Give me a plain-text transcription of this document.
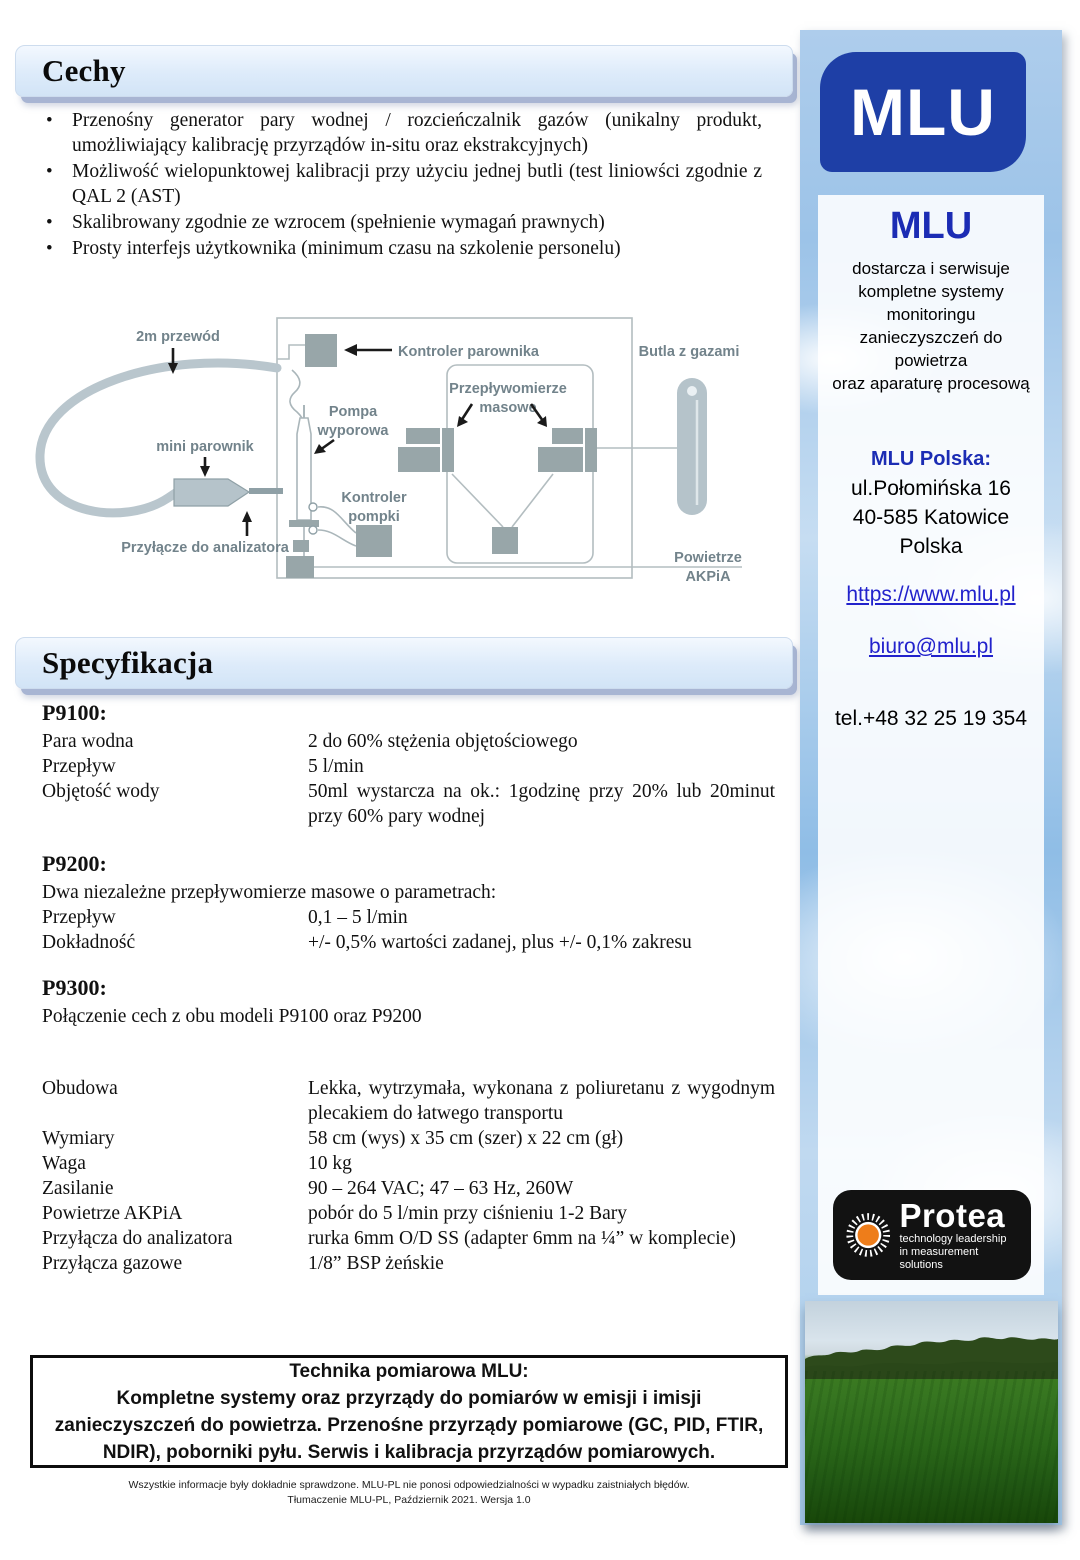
Cechy
• Przenośny generator pary wodnej / rozcieńczalnik gazów (unikalny produkt, umożliwiający kalibrację przyrządów in-situ oraz ekstrakcyjnych)
• Możliwość wielopunktowej kalibracji przy użyciu jednej butli (test liniowści zgodnie z QAL 2 (AST)
• Skalibrowany zgodnie ze wzrocem (spełnienie wymagań prawnych)
• Prosty interfejs użytkownika (minimum czasu na szkolenie personelu)
2m przewód
Kontroler parownika	Butla z gazami
Przepływomierze
masowe
Pompa
wyporowa
mini parownik
Przyłącze do analizatora
Kontroler
pompki
Powietrze
AKPiA
Specyfikacja
P9100:
Para wodna	2 do 60% stężenia objętościowego
Przepływ	5 l/min
Objętość wody	50ml wystarcza na ok.: 1godzinę przy 20% lub 20minut przy 60% pary wodnej
P9200:
Dwa niezależne przepływomierze masowe o parametrach:
Przepływ	0,1 – 5 l/min
Dokładność	+/- 0,5% wartości zadanej, plus +/- 0,1% zakresu
P9300:
Połączenie cech z obu modeli P9100 oraz P9200
Obudowa	Lekka, wytrzymała, wykonana z poliuretanu z wygodnym plecakiem do łatwego transportu
Wymiary	58 cm (wys) x 35 cm (szer) x 22 cm (gł)
Waga	10 kg
Zasilanie	90 – 264 VAC; 47 – 63 Hz, 260W
Powietrze AKPiA	pobór do 5 l/min przy ciśnieniu 1-2 Bary
Przyłącza do analizatora	rurka 6mm O/D SS (adapter 6mm na ¼” w komplecie)
Przyłącza gazowe	1/8” BSP żeńskie
Technika pomiarowa MLU:
Kompletne systemy oraz przyrządy do pomiarów w emisji i imisji zanieczyszczeń do powietrza. Przenośne przyrządy pomiarowe (GC, PID, FTIR, NDIR), poborniki pyłu. Serwis i kalibracja przyrządów pomiarowych.
Wszystkie informacje były dokładnie sprawdzone. MLU-PL nie ponosi odpowiedzialności w wypadku zaistniałych błędów.
Tłumaczenie MLU-PL, Październik 2021. Wersja 1.0
MLU
MLU
dostarcza i serwisuje
kompletne systemy
monitoringu
zanieczyszczeń do
powietrza
oraz aparaturę procesową
MLU Polska:
ul.Połomińska 16
40-585 Katowice
Polska
https://www.mlu.pl
biuro@mlu.pl
tel.+48 32 25 19 354
Protea
technology leadership
in measurement solutions
